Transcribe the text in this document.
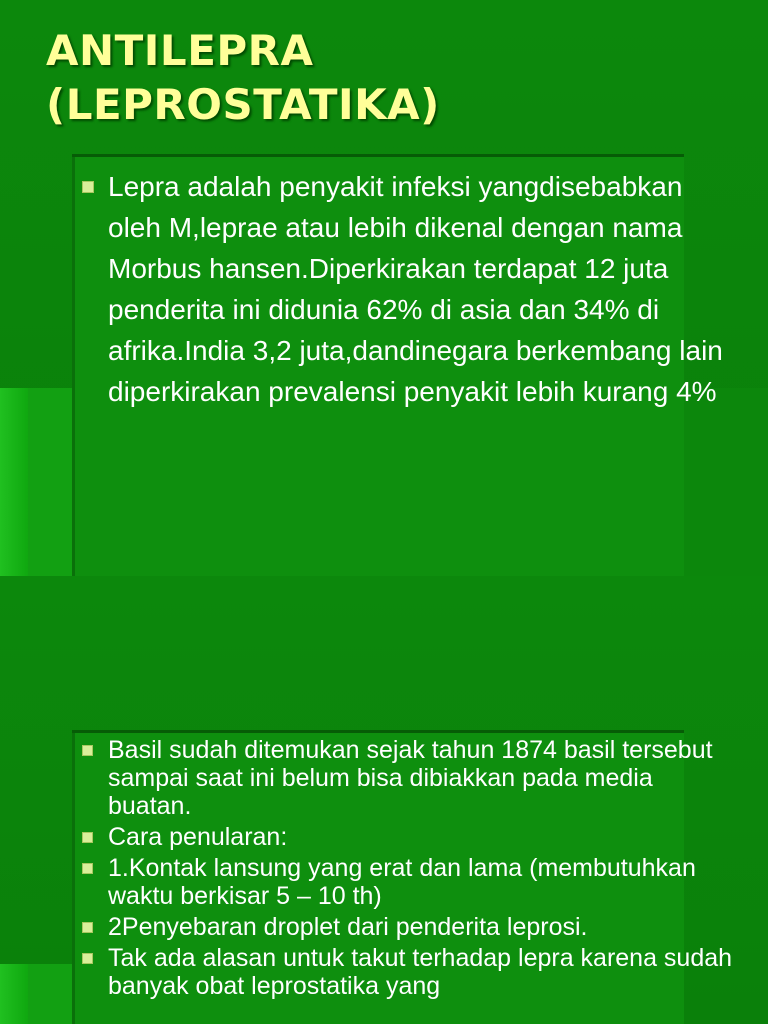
ANTILEPRA
(LEPROSTATIKA)
Lepra adalah penyakit infeksi yangdisebabkan oleh M,leprae atau lebih dikenal dengan nama Morbus hansen.Diperkirakan terdapat 12 juta penderita ini didunia 62% di asia dan 34% di afrika.India 3,2 juta,dandinegara berkembang lain diperkirakan prevalensi penyakit lebih kurang 4%
Basil sudah ditemukan sejak tahun 1874 basil tersebut sampai saat ini belum bisa dibiakkan pada media buatan.
Cara penularan:
1.Kontak lansung yang erat dan lama (membutuhkan waktu berkisar 5 – 10 th)
2Penyebaran droplet dari penderita leprosi.
Tak ada alasan untuk takut terhadap lepra karena sudah banyak obat leprostatika yang
